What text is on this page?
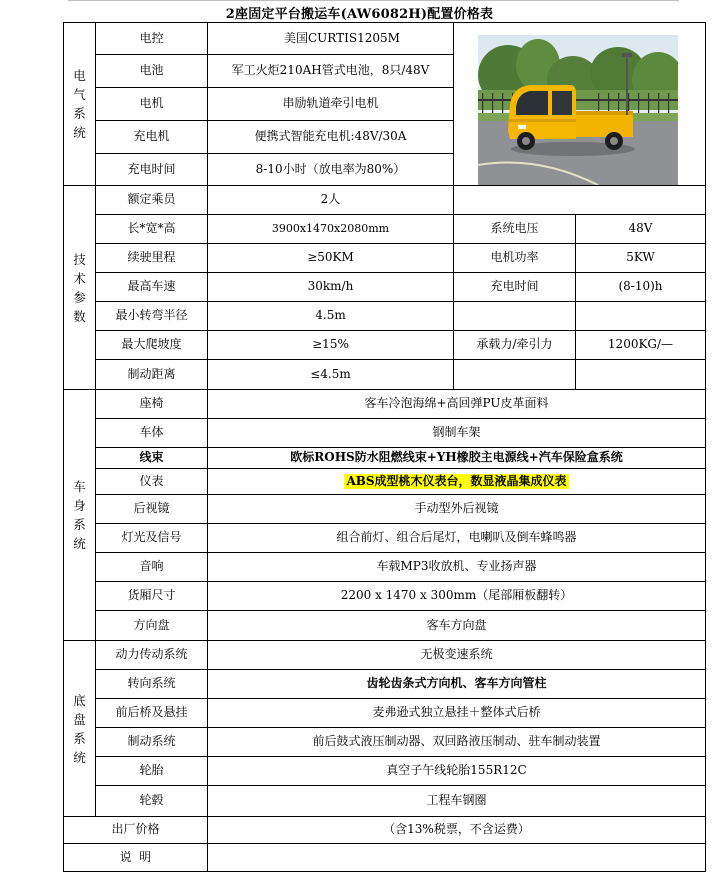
2座固定平台搬运车(AW6082H)配置价格表
电
气
系
统
电控	美国CURTIS1205M
电池	军工火炬210AH管式电池，8只/48V
电机	串励轨道牵引电机
充电机	便携式智能充电机:48V/30A
充电时间	8-10小时（放电率为80%）
技
术
参
数
额定乘员	2人
长*宽*高	3900x1470x2080mm	系统电压	48V
续驶里程	≥50KM	电机功率	5KW
最高车速	30km/h	充电时间	(8-10)h
最小转弯半径	4.5m
最大爬坡度	≥15%	承载力/牵引力	1200KG/—
制动距离	≤4.5m
车
身
系
统
座椅	客车冷泡海绵+高回弹PU皮革面料
车体	钢制车架
线束	欧标ROHS防水阻燃线束+YH橡胶主电源线+汽车保险盒系统
仪表	ABS成型桃木仪表台，数显液晶集成仪表
后视镜	手动型外后视镜
灯光及信号	组合前灯、组合后尾灯，电喇叭及倒车蜂鸣器
音响	车载MP3收放机、专业扬声器
货厢尺寸	2200 x 1470 x 300mm（尾部厢板翻转）
方向盘	客车方向盘
底
盘
系
统
动力传动系统	无极变速系统
转向系统	齿轮齿条式方向机、客车方向管柱
前后桥及悬挂	麦弗逊式独立悬挂＋整体式后桥
制动系统	前后鼓式液压制动器、双回路液压制动、驻车制动装置
轮胎	真空子午线轮胎155R12C
轮毂	工程车钢圈
出厂价格	（含13%税票，不含运费）
说  明
